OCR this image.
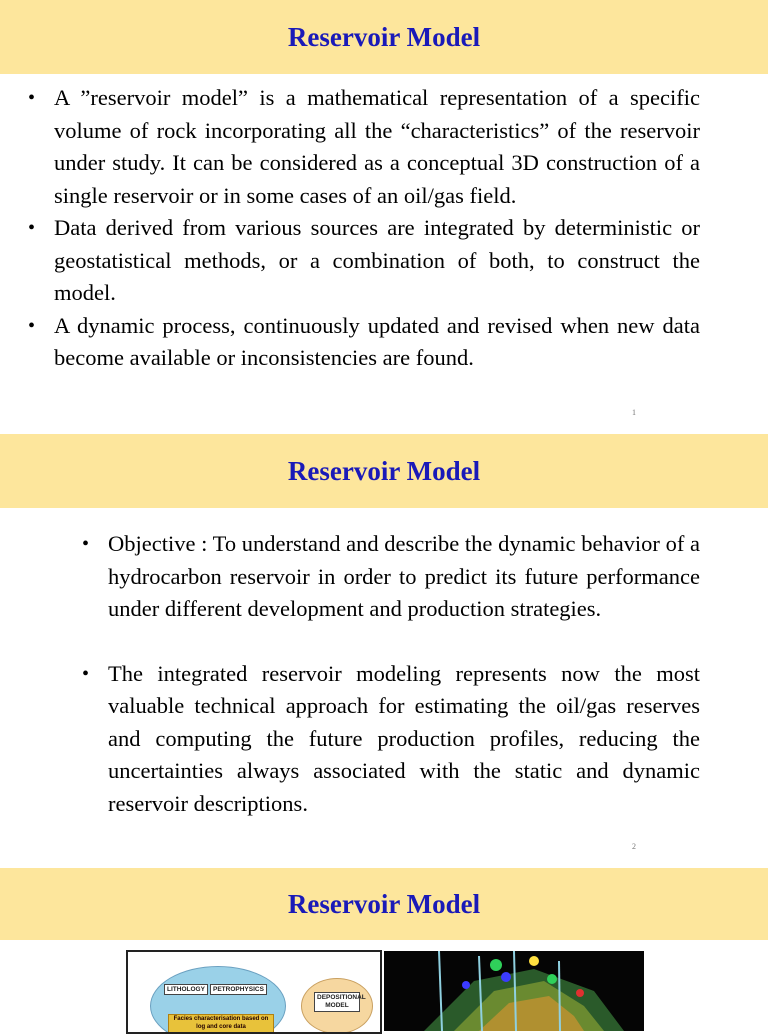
Reservoir Model
• A ”reservoir model” is a mathematical representation of a specific volume of rock incorporating all the “characteristics” of the reservoir under study. It can be considered as a conceptual 3D construction of a single reservoir or in some cases of an oil/gas field.
• Data derived from various sources are integrated by deterministic or geostatistical methods, or a combination of both, to construct the model.
• A dynamic process, continuously updated and revised when new data become available or inconsistencies are found.
1
Reservoir Model
• Objective : To understand and describe the dynamic behavior of a hydrocarbon reservoir in order to predict its future performance under different development and production strategies.
• The integrated reservoir modeling represents now the most valuable technical approach for estimating the oil/gas reserves and computing the future production profiles, reducing the uncertainties always associated with the static and dynamic reservoir descriptions.
2
Reservoir Model
LITHOLOGY	PETROPHYSICS
DEPOSITIONAL MODEL
Facies characterisation based on log and core data
